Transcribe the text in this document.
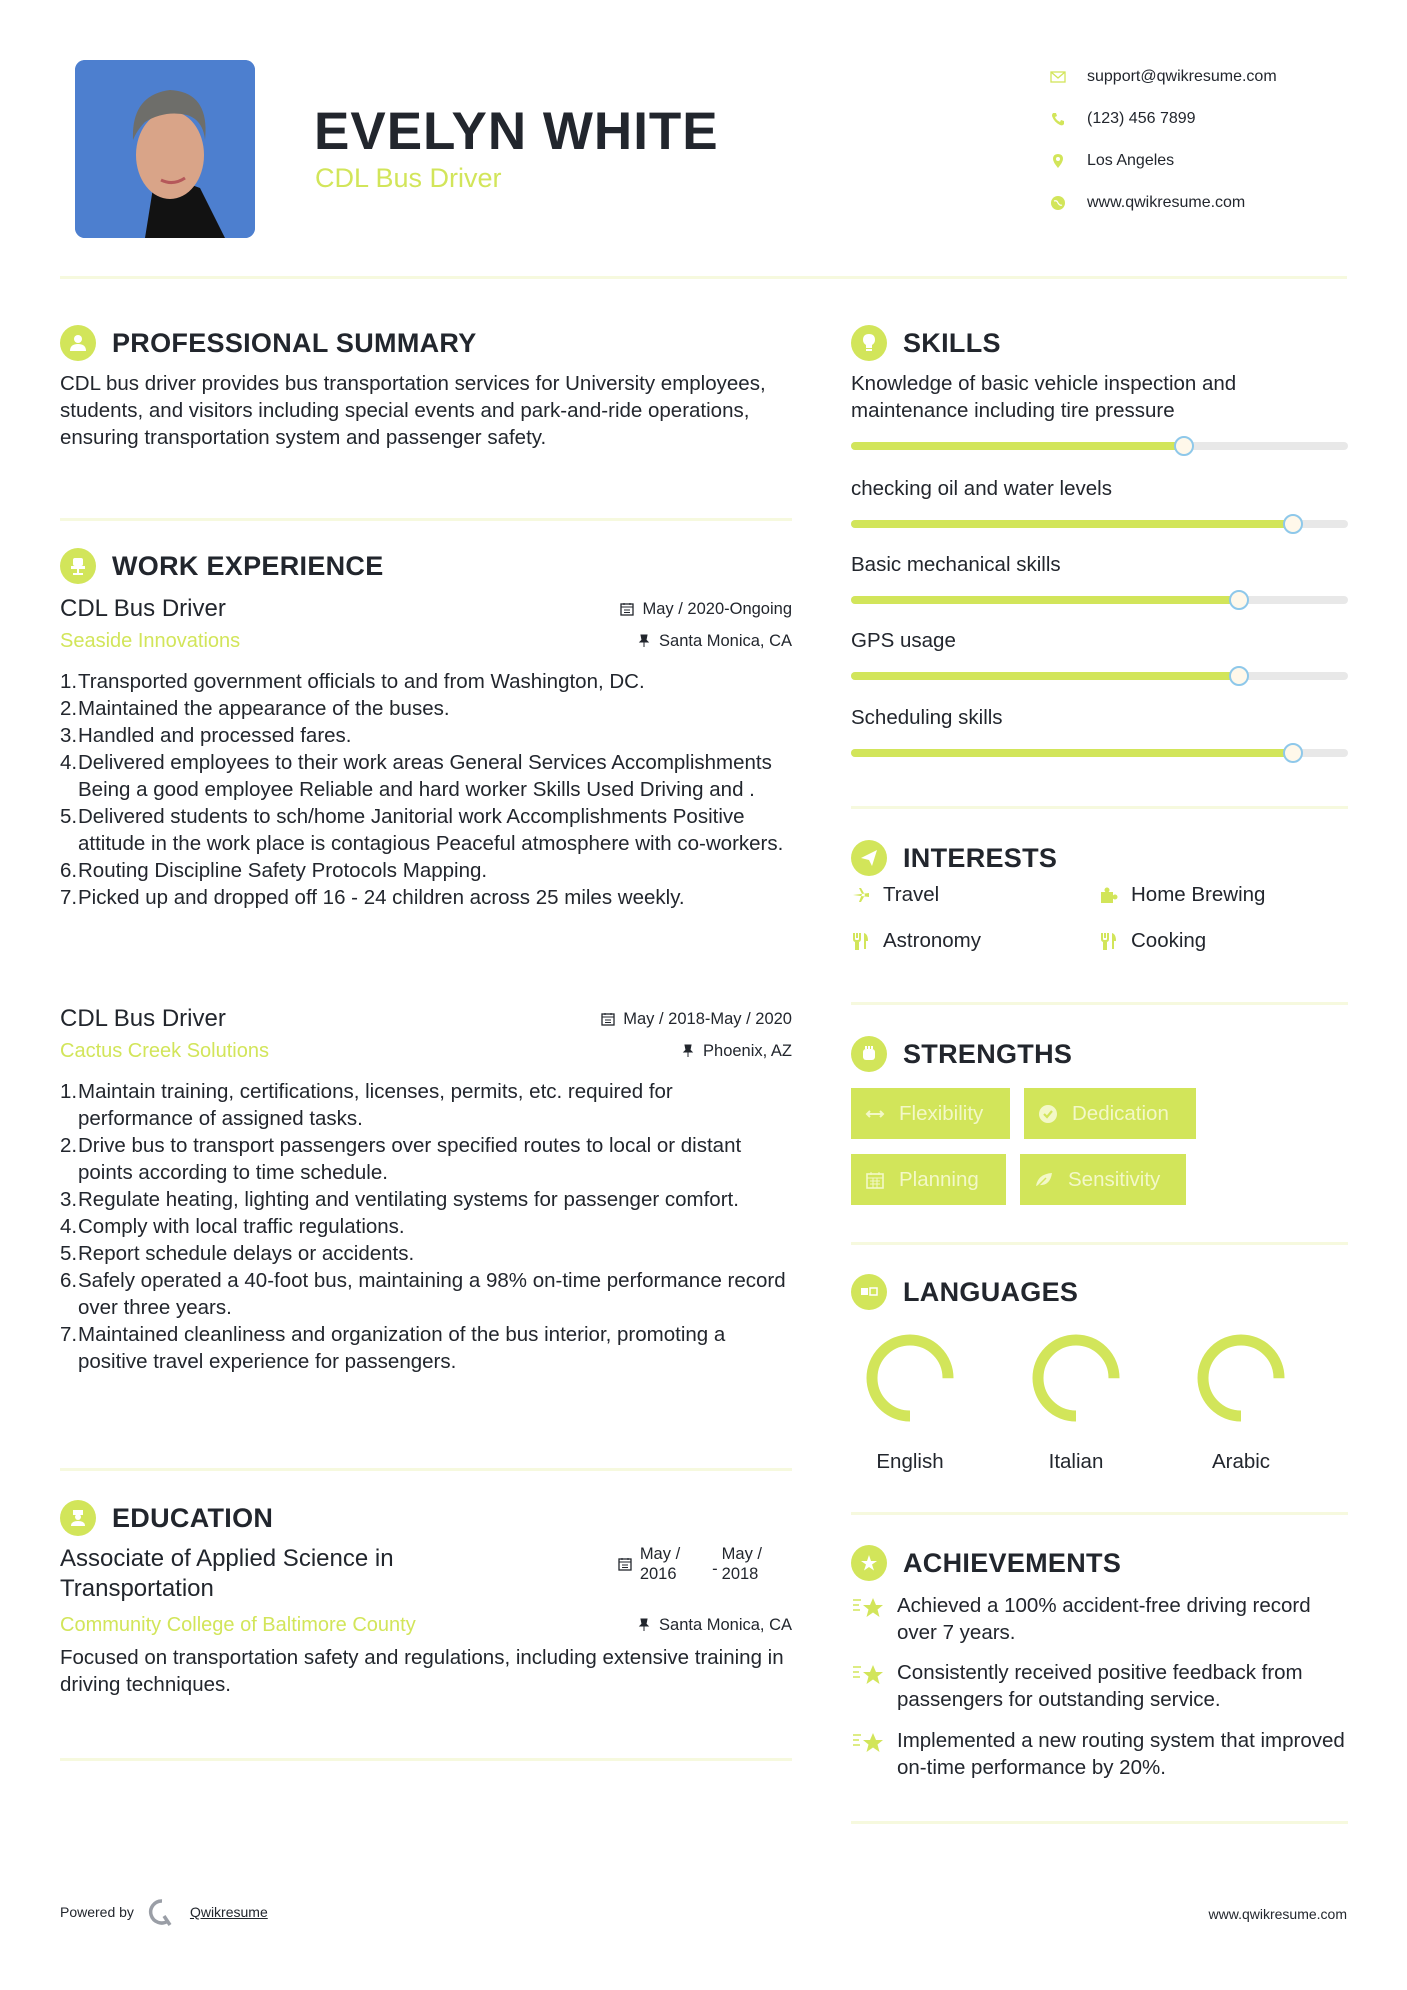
EVELYN WHITE
CDL Bus Driver
support@qwikresume.com
(123) 456 7899
Los Angeles
www.qwikresume.com
PROFESSIONAL SUMMARY
CDL bus driver provides bus transportation services for University employees, students, and visitors including special events and park-and-ride operations, ensuring transportation system and passenger safety.
WORK EXPERIENCE
CDL Bus Driver	May / 2020-Ongoing
Seaside Innovations	Santa Monica, CA
1. Transported government officials to and from Washington, DC.
2. Maintained the appearance of the buses.
3. Handled and processed fares.
4. Delivered employees to their work areas General Services Accomplishments Being a good employee Reliable and hard worker Skills Used Driving and .
5. Delivered students to sch/home Janitorial work Accomplishments Positive attitude in the work place is contagious Peaceful atmosphere with co-workers.
6. Routing Discipline Safety Protocols Mapping.
7. Picked up and dropped off 16 - 24 children across 25 miles weekly.
CDL Bus Driver	May / 2018-May / 2020
Cactus Creek Solutions	Phoenix, AZ
1. Maintain training, certifications, licenses, permits, etc. required for performance of assigned tasks.
2. Drive bus to transport passengers over specified routes to local or distant points according to time schedule.
3. Regulate heating, lighting and ventilating systems for passenger comfort.
4. Comply with local traffic regulations.
5. Report schedule delays or accidents.
6. Safely operated a 40-foot bus, maintaining a 98% on-time performance record over three years.
7. Maintained cleanliness and organization of the bus interior, promoting a positive travel experience for passengers.
EDUCATION
Associate of Applied Science in Transportation
May /
2016 -
May /
2018
Community College of Baltimore County	Santa Monica, CA
Focused on transportation safety and regulations, including extensive training in driving techniques.
SKILLS
Knowledge of basic vehicle inspection and maintenance including tire pressure
checking oil and water levels
Basic mechanical skills
GPS usage
Scheduling skills
INTERESTS
Travel	Home Brewing
Astronomy	Cooking
STRENGTHS
Flexibility	Dedication
Planning	Sensitivity
LANGUAGES
English	Italian	Arabic
ACHIEVEMENTS
Achieved a 100% accident-free driving record over 7 years.
Consistently received positive feedback from passengers for outstanding service.
Implemented a new routing system that improved on-time performance by 20%.
Powered by	Qwikresume	www.qwikresume.com
